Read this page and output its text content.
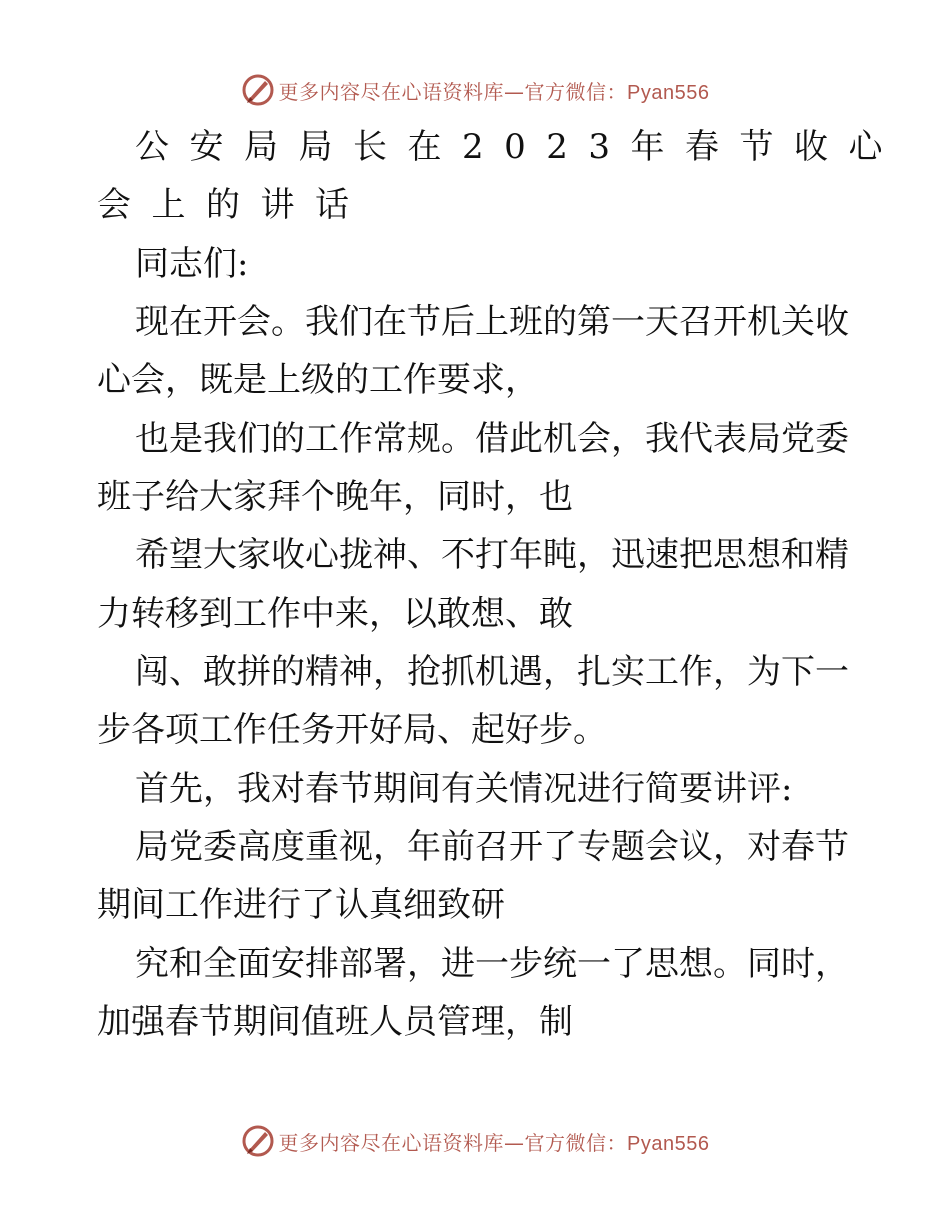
更多内容尽在心语资料库—官方微信：Pyan556
公安局局长在2023年春节收心
会上的讲话
同志们:
现在开会。我们在节后上班的第一天召开机关收
心会，既是上级的工作要求，
也是我们的工作常规。借此机会，我代表局党委
班子给大家拜个晚年，同时，也
希望大家收心拢神、不打年盹，迅速把思想和精
力转移到工作中来，以敢想、敢
闯、敢拼的精神，抢抓机遇，扎实工作，为下一
步各项工作任务开好局、起好步。
首先，我对春节期间有关情况进行简要讲评:
局党委高度重视，年前召开了专题会议，对春节
期间工作进行了认真细致研
究和全面安排部署，进一步统一了思想。同时，
加强春节期间值班人员管理，制
更多内容尽在心语资料库—官方微信：Pyan556
